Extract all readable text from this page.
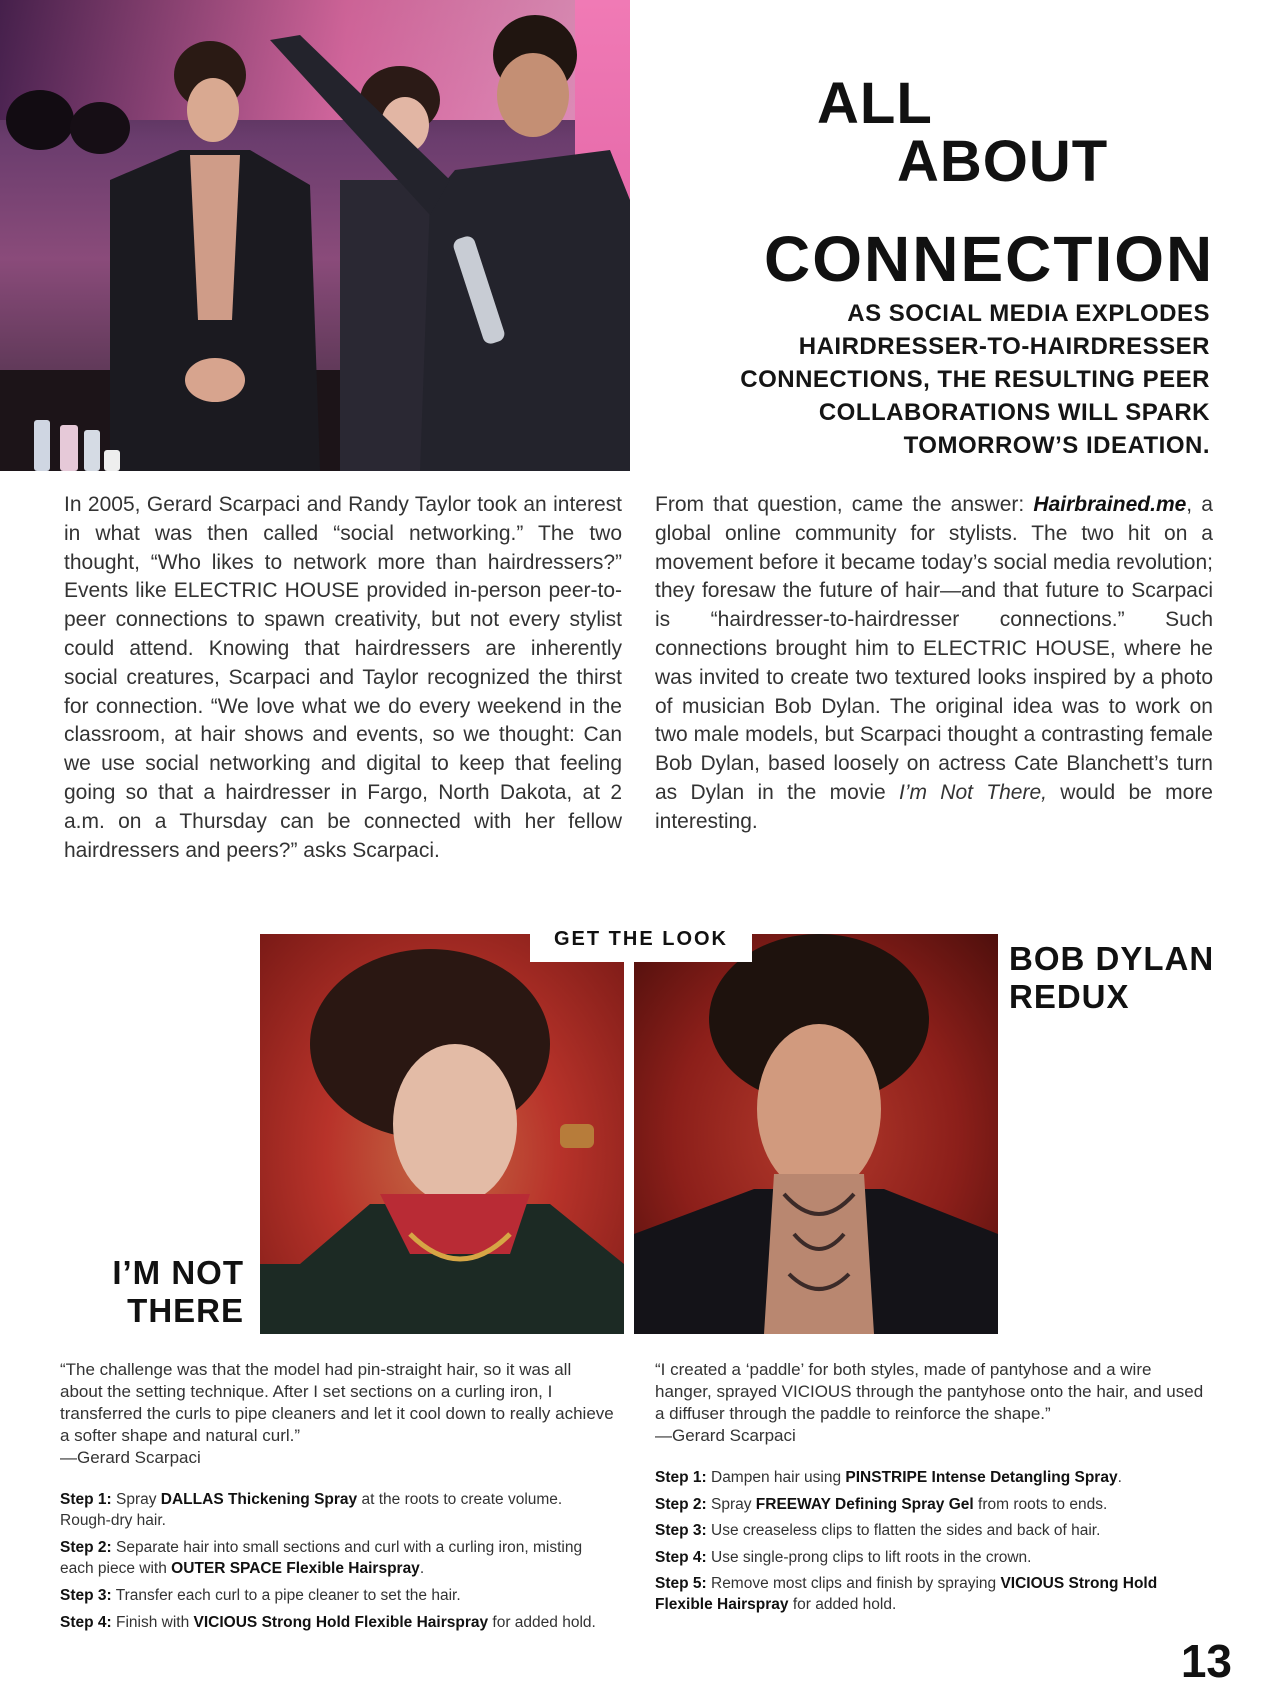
ALL
ABOUT
CONNECTION
AS SOCIAL MEDIA EXPLODES HAIRDRESSER-TO-HAIRDRESSER CONNECTIONS, THE RESULTING PEER COLLABORATIONS WILL SPARK TOMORROW’S IDEATION.
In 2005, Gerard Scarpaci and Randy Taylor took an interest in what was then called “social networking.” The two thought, “Who likes to network more than hairdressers?” Events like ELECTRIC HOUSE provided in-person peer-to-peer connections to spawn creativity, but not every stylist could attend. Knowing that hairdressers are inherently social creatures, Scarpaci and Taylor recognized the thirst for connection. “We love what we do every weekend in the classroom, at hair shows and events, so we thought: Can we use social networking and digital to keep that feeling going so that a hairdresser in Fargo, North Dakota, at 2 a.m. on a Thursday can be connected with her fellow hairdressers and peers?” asks Scarpaci.
From that question, came the answer: Hairbrained.me, a global online community for stylists. The two hit on a movement before it became today’s social media revolution; they foresaw the future of hair—and that future to Scarpaci is “hairdresser-to-hairdresser connections.” Such connections brought him to ELECTRIC HOUSE, where he was invited to create two textured looks inspired by a photo of musician Bob Dylan. The original idea was to work on two male models, but Scarpaci thought a contrasting female Bob Dylan, based loosely on actress Cate Blanchett’s turn as Dylan in the movie I’m Not There, would be more interesting.
GET THE LOOK
BOB DYLAN
REDUX
I’M NOT
THERE
“The challenge was that the model had pin-straight hair, so it was all about the setting technique. After I set sections on a curling iron, I transferred the curls to pipe cleaners and let it cool down to really achieve a softer shape and natural curl.”
—Gerard Scarpaci
“I created a ‘paddle’ for both styles, made of pantyhose and a wire hanger, sprayed VICIOUS through the pantyhose onto the hair, and used a diffuser through the paddle to reinforce the shape.”
—Gerard Scarpaci
Step 1: Spray DALLAS Thickening Spray at the roots to create volume. Rough-dry hair.
Step 2: Separate hair into small sections and curl with a curling iron, misting each piece with OUTER SPACE Flexible Hairspray.
Step 3: Transfer each curl to a pipe cleaner to set the hair.
Step 4: Finish with VICIOUS Strong Hold Flexible Hairspray for added hold.
Step 1: Dampen hair using PINSTRIPE Intense Detangling Spray.
Step 2: Spray FREEWAY Defining Spray Gel from roots to ends.
Step 3: Use creaseless clips to flatten the sides and back of hair.
Step 4: Use single-prong clips to lift roots in the crown.
Step 5: Remove most clips and finish by spraying VICIOUS Strong Hold Flexible Hairspray for added hold.
13
